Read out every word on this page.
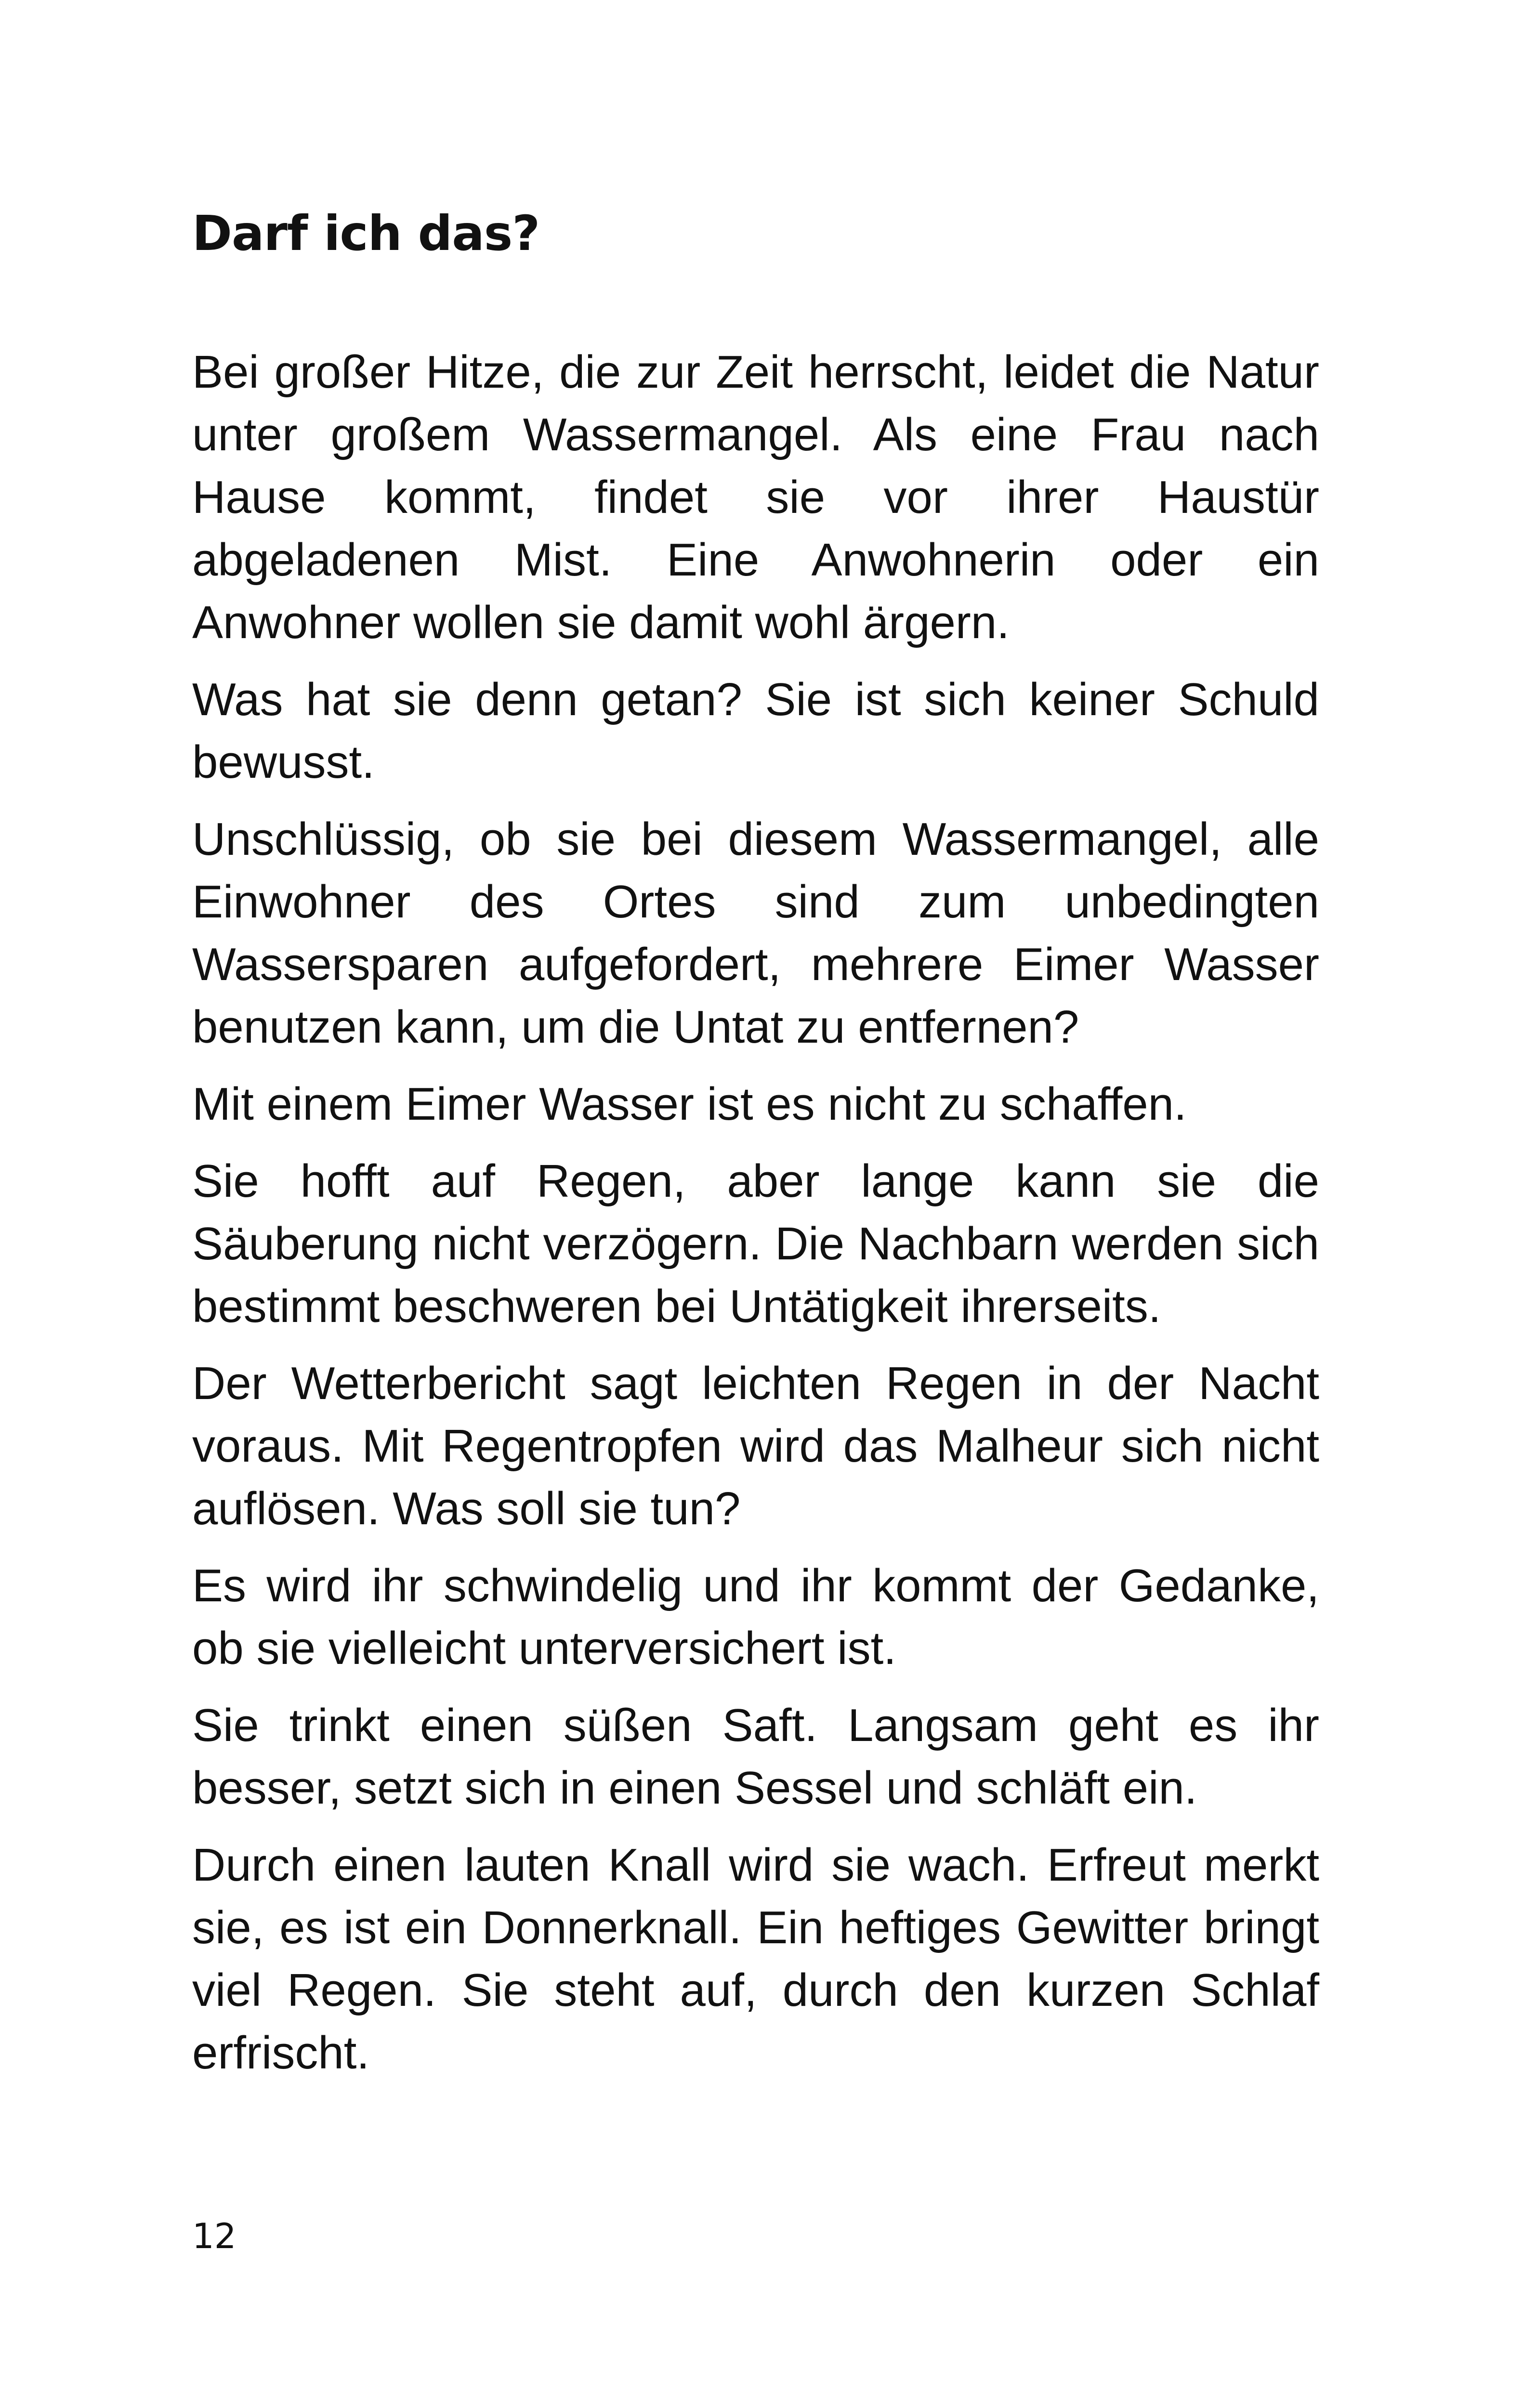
Darf ich das?

Bei großer Hitze, die zur Zeit herrscht, leidet die Natur unter großem Wassermangel. Als eine Frau nach Hause kommt, findet sie vor ihrer Haustür abgeladenen Mist. Eine Anwohnerin oder ein Anwohner wollen sie damit wohl ärgern.

Was hat sie denn getan? Sie ist sich keiner Schuld bewusst.

Unschlüssig, ob sie bei diesem Wassermangel, alle Einwohner des Ortes sind zum unbedingten Wassersparen aufgefordert, mehrere Eimer Wasser benutzen kann, um die Untat zu entfernen?

Mit einem Eimer Wasser ist es nicht zu schaffen.

Sie hofft auf Regen, aber lange kann sie die Säuberung nicht verzögern. Die Nachbarn werden sich bestimmt beschweren bei Untätigkeit ihrerseits.

Der Wetterbericht sagt leichten Regen in der Nacht voraus. Mit Regentropfen wird das Malheur sich nicht auflösen. Was soll sie tun?

Es wird ihr schwindelig und ihr kommt der Gedanke, ob sie vielleicht unterversichert ist.

Sie trinkt einen süßen Saft. Langsam geht es ihr besser, setzt sich in einen Sessel und schläft ein.

Durch einen lauten Knall wird sie wach. Erfreut merkt sie, es ist ein Donnerknall. Ein heftiges Gewitter bringt viel Regen. Sie steht auf, durch den kurzen Schlaf erfrischt.

12
